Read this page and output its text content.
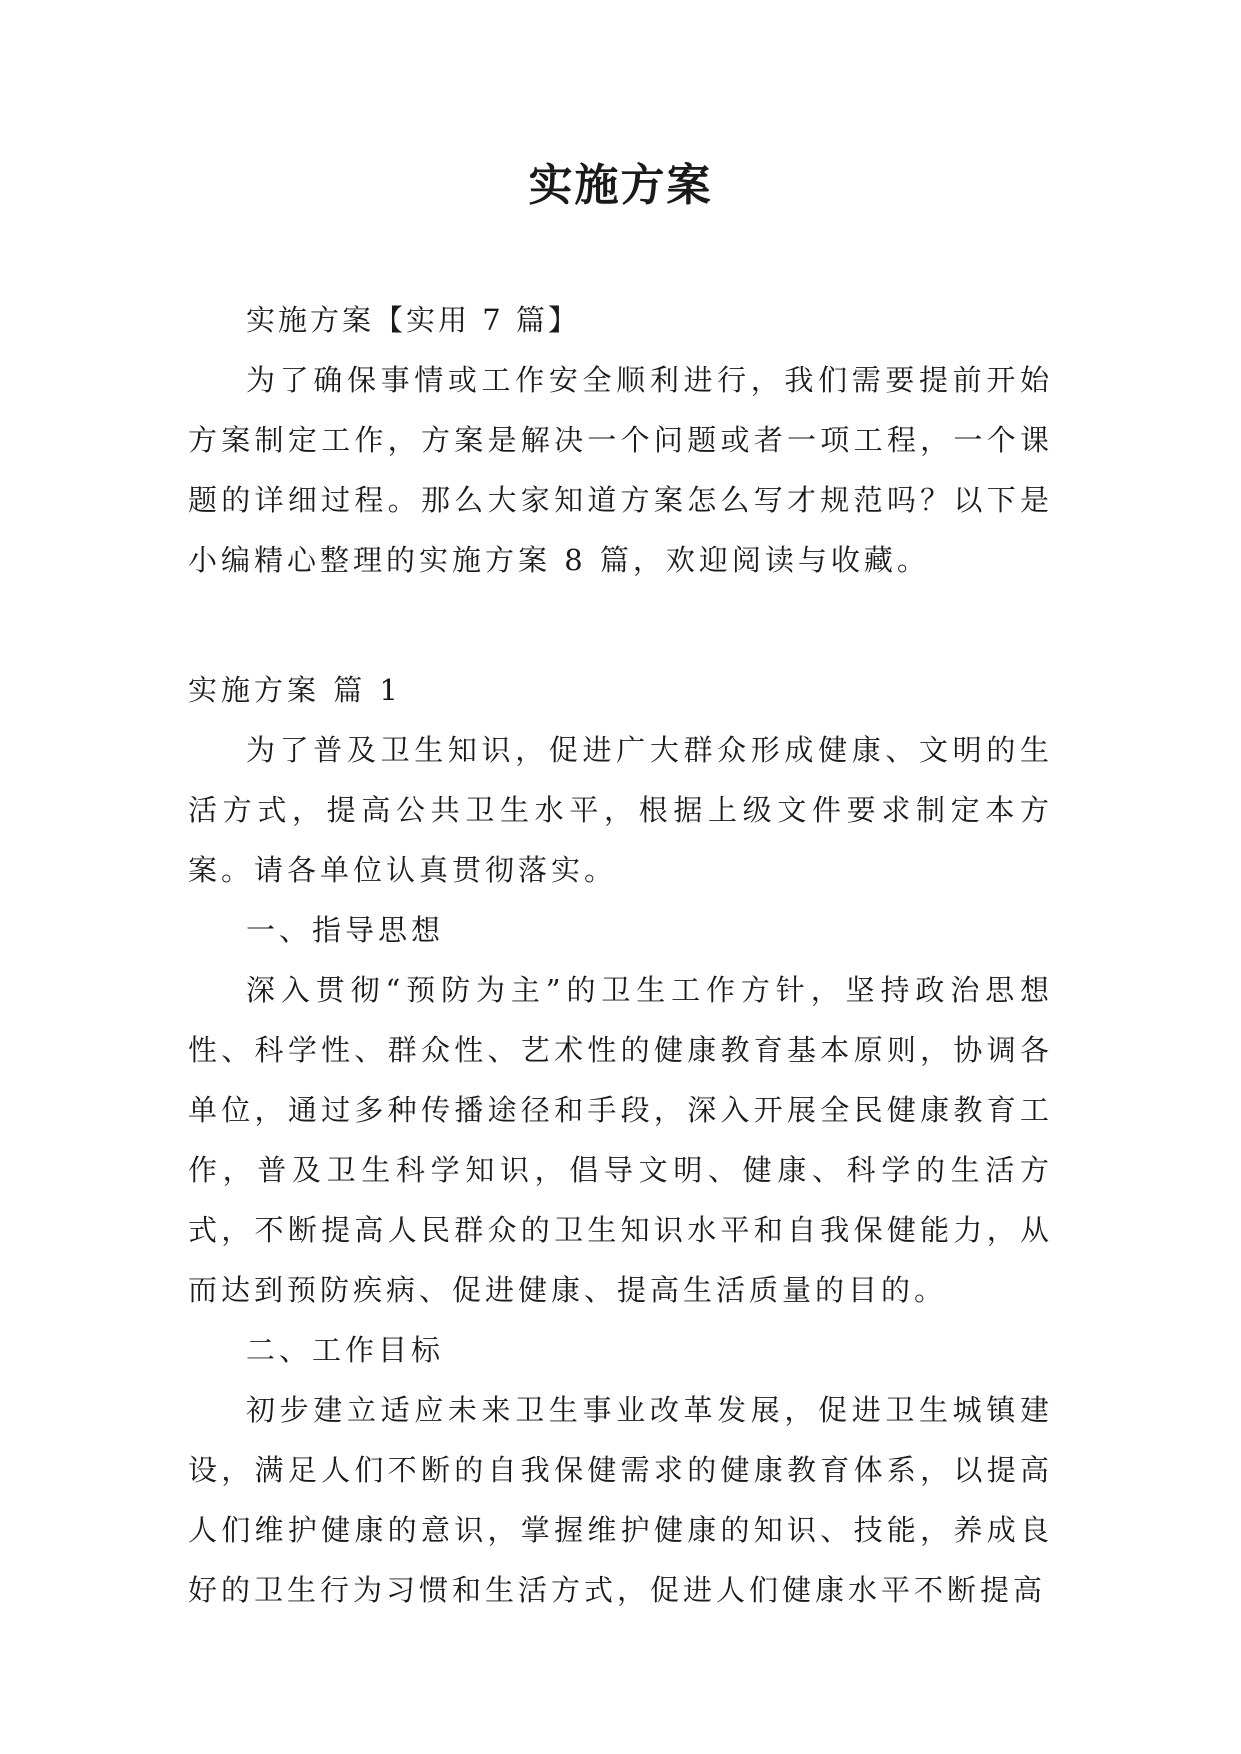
实施方案

实施方案【实用 7 篇】

为了确保事情或工作安全顺利进行，我们需要提前开始方案制定工作，方案是解决一个问题或者一项工程，一个课题的详细过程。那么大家知道方案怎么写才规范吗？以下是小编精心整理的实施方案 8 篇，欢迎阅读与收藏。

实施方案 篇 1

为了普及卫生知识，促进广大群众形成健康、文明的生活方式，提高公共卫生水平，根据上级文件要求制定本方案。请各单位认真贯彻落实。

一、指导思想

深入贯彻“预防为主”的卫生工作方针，坚持政治思想性、科学性、群众性、艺术性的健康教育基本原则，协调各单位，通过多种传播途径和手段，深入开展全民健康教育工作，普及卫生科学知识，倡导文明、健康、科学的生活方式，不断提高人民群众的卫生知识水平和自我保健能力，从而达到预防疾病、促进健康、提高生活质量的目的。

二、工作目标

初步建立适应未来卫生事业改革发展，促进卫生城镇建设，满足人们不断的自我保健需求的健康教育体系，以提高人们维护健康的意识，掌握维护健康的知识、技能，养成良好的卫生行为习惯和生活方式，促进人们健康水平不断提高
